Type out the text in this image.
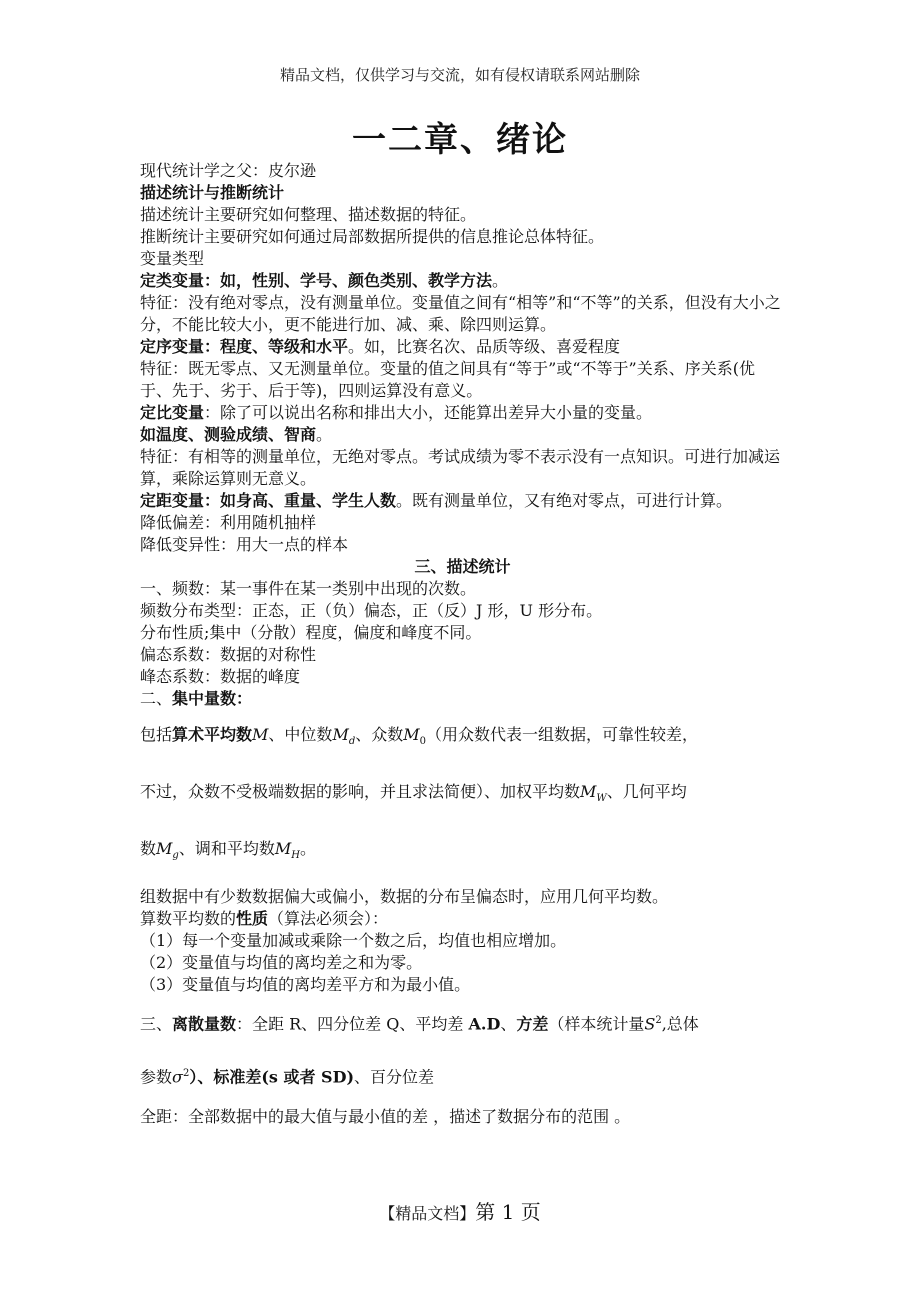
精品文档，仅供学习与交流，如有侵权请联系网站删除
一二章、绪论

现代统计学之父：皮尔逊

描述统计与推断统计

描述统计主要研究如何整理、描述数据的特征。

推断统计主要研究如何通过局部数据所提供的信息推论总体特征。

变量类型

定类变量：如，性别、学号、颜色类别、教学方法。

特征：没有绝对零点，没有测量单位。变量值之间有“相等”和“不等”的关系，但没有大小之分，不能比较大小，更不能进行加、减、乘、除四则运算。

定序变量：程度、等级和水平。如，比赛名次、品质等级、喜爱程度

特征：既无零点、又无测量单位。变量的值之间具有“等于”或“不等于”关系、序关系(优于、先于、劣于、后于等)，四则运算没有意义。

定比变量：除了可以说出名称和排出大小，还能算出差异大小量的变量。

如温度、测验成绩、智商。

特征：有相等的测量单位，无绝对零点。考试成绩为零不表示没有一点知识。可进行加减运算，乘除运算则无意义。

定距变量：如身高、重量、学生人数。既有测量单位，又有绝对零点，可进行计算。

降低偏差：利用随机抽样

降低变异性：用大一点的样本

三、描述统计

一、频数：某一事件在某一类别中出现的次数。

频数分布类型：正态，正（负）偏态，正（反）J 形，U 形分布。

分布性质;集中（分散）程度，偏度和峰度不同。

偏态系数：数据的对称性

峰态系数：数据的峰度

二、集中量数：

包括算术平均数M、中位数$M_d$、众数$M_0$（用众数代表一组数据，可靠性较差，

不过，众数不受极端数据的影响，并且求法简便）、加权平均数$M_W$、几何平均

数$M_g$、调和平均数$M_H$。

组数据中有少数数据偏大或偏小，数据的分布呈偏态时，应用几何平均数。

算数平均数的性质（算法必须会）：

（1）每一个变量加减或乘除一个数之后，均值也相应增加。

（2）变量值与均值的离均差之和为零。

（3）变量值与均值的离均差平方和为最小值。

三、离散量数：全距 R、四分位差 Q、平均差 A.D、方差（样本统计量$S^2$,总体

参数$\sigma^2$）、标准差(s 或者 SD)、百分位差

全距：全部数据中的最大值与最小值的差 ，描述了数据分布的范围 。

【精品文档】第 1 页
